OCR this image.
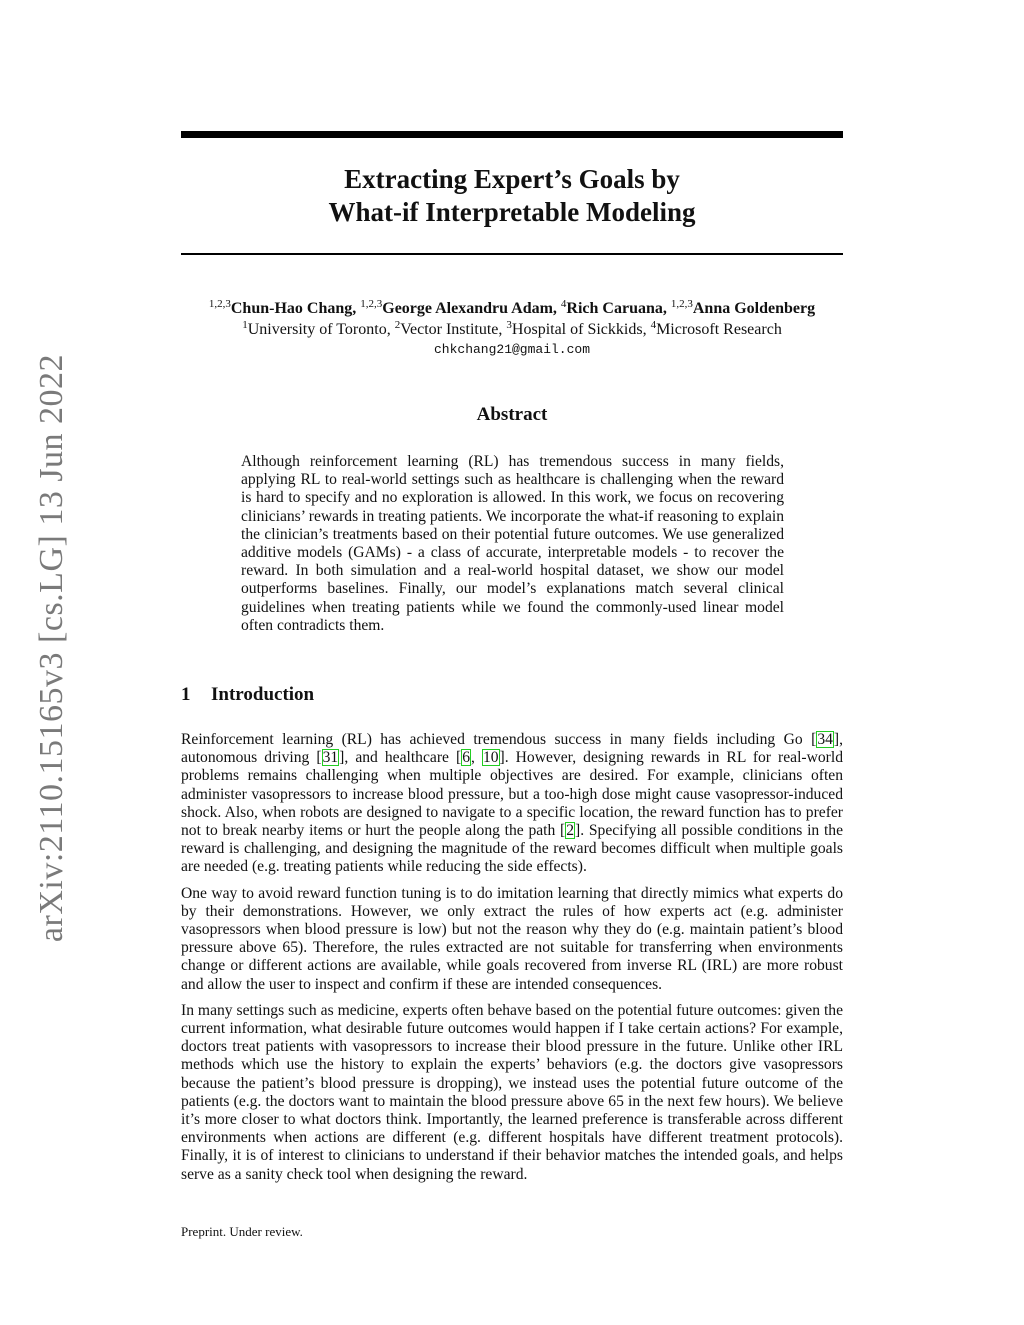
arXiv:2110.15165v3 [cs.LG] 13 Jun 2022
Extracting Expert’s Goals by
What-if Interpretable Modeling
$^{1,2,3}$Chun-Hao Chang, $^{1,2,3}$George Alexandru Adam, $^4$Rich Caruana, $^{1,2,3}$Anna Goldenberg
$^1$University of Toronto, $^2$Vector Institute, $^3$Hospital of Sickkids, $^4$Microsoft Research
chkchang21@gmail.com
Abstract
Although reinforcement learning (RL) has tremendous success in many fields, applying RL to real-world settings such as healthcare is challenging when the reward is hard to specify and no exploration is allowed. In this work, we focus on recovering clinicians’ rewards in treating patients. We incorporate the what-if reasoning to explain the clinician’s treatments based on their potential future outcomes. We use generalized additive models (GAMs) - a class of accurate, interpretable models - to recover the reward. In both simulation and a real-world hospital dataset, we show our model outperforms baselines. Finally, our model’s explanations match several clinical guidelines when treating patients while we found the commonly-used linear model often contradicts them.
1 Introduction

Reinforcement learning (RL) has achieved tremendous success in many fields including Go [34], autonomous driving [31], and healthcare [6, 10]. However, designing rewards in RL for real-world problems remains challenging when multiple objectives are desired. For example, clinicians often administer vasopressors to increase blood pressure, but a too-high dose might cause vasopressor-induced shock. Also, when robots are designed to navigate to a specific location, the reward function has to prefer not to break nearby items or hurt the people along the path [2]. Specifying all possible conditions in the reward is challenging, and designing the magnitude of the reward becomes difficult when multiple goals are needed (e.g. treating patients while reducing the side effects).

One way to avoid reward function tuning is to do imitation learning that directly mimics what experts do by their demonstrations. However, we only extract the rules of how experts act (e.g. administer vasopressors when blood pressure is low) but not the reason why they do (e.g. maintain patient’s blood pressure above 65). Therefore, the rules extracted are not suitable for transferring when environments change or different actions are available, while goals recovered from inverse RL (IRL) are more robust and allow the user to inspect and confirm if these are intended consequences.

In many settings such as medicine, experts often behave based on the potential future outcomes: given the current information, what desirable future outcomes would happen if I take certain actions? For example, doctors treat patients with vasopressors to increase their blood pressure in the future. Unlike other IRL methods which use the history to explain the experts’ behaviors (e.g. the doctors give vasopressors because the patient’s blood pressure is dropping), we instead uses the potential future outcome of the patients (e.g. the doctors want to maintain the blood pressure above 65 in the next few hours). We believe it’s more closer to what doctors think. Importantly, the learned preference is transferable across different environments when actions are different (e.g. different hospitals have different treatment protocols). Finally, it is of interest to clinicians to understand if their behavior matches the intended goals, and helps serve as a sanity check tool when designing the reward.

Preprint. Under review.
